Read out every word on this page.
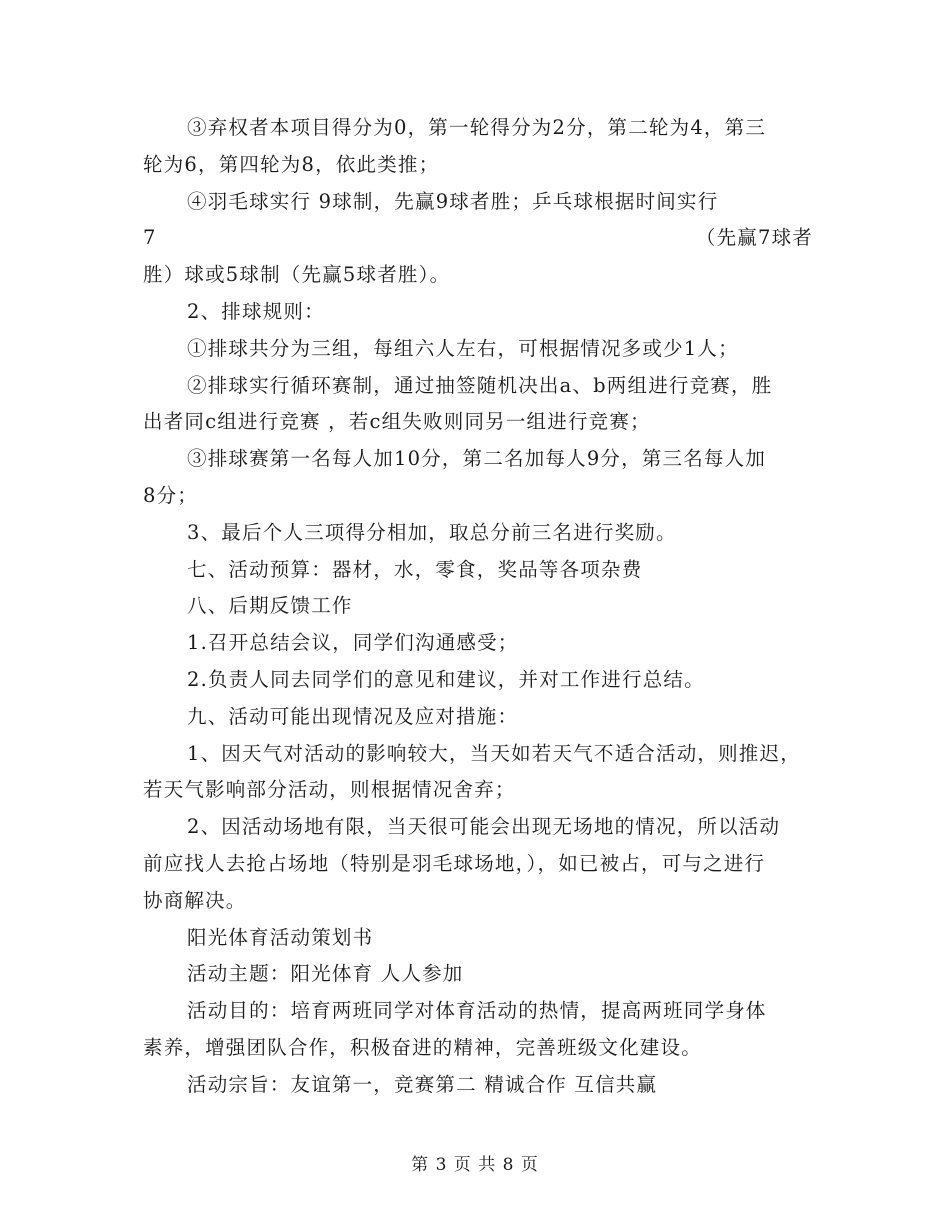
③弃权者本项目得分为0，第一轮得分为2分，第二轮为4，第三
轮为6，第四轮为8，依此类推；
④羽毛球实行 9球制，先赢9球者胜；乒乓球根据时间实行
7	（先赢7球者
胜）球或5球制（先赢5球者胜）。
2、排球规则：
①排球共分为三组，每组六人左右，可根据情况多或少1人；
②排球实行循环赛制，通过抽签随机决出a、b两组进行竞赛，胜
出者同c组进行竞赛 ，若c组失败则同另一组进行竞赛；
③排球赛第一名每人加10分，第二名加每人9分，第三名每人加
8分；
3、最后个人三项得分相加，取总分前三名进行奖励。
七、活动预算：器材，水，零食，奖品等各项杂费
八、后期反馈工作
1.召开总结会议，同学们沟通感受；
2.负责人同去同学们的意见和建议，并对工作进行总结。
九、活动可能出现情况及应对措施：
1、因天气对活动的影响较大，当天如若天气不适合活动，则推迟，
若天气影响部分活动，则根据情况舍弃；
2、因活动场地有限，当天很可能会出现无场地的情况，所以活动
前应找人去抢占场地（特别是羽毛球场地，），如已被占，可与之进行
协商解决。
阳光体育活动策划书
活动主题：阳光体育 人人参加
活动目的：培育两班同学对体育活动的热情，提高两班同学身体
素养，增强团队合作，积极奋进的精神，完善班级文化建设。
活动宗旨：友谊第一，竞赛第二 精诚合作 互信共赢
第 3 页 共 8 页
